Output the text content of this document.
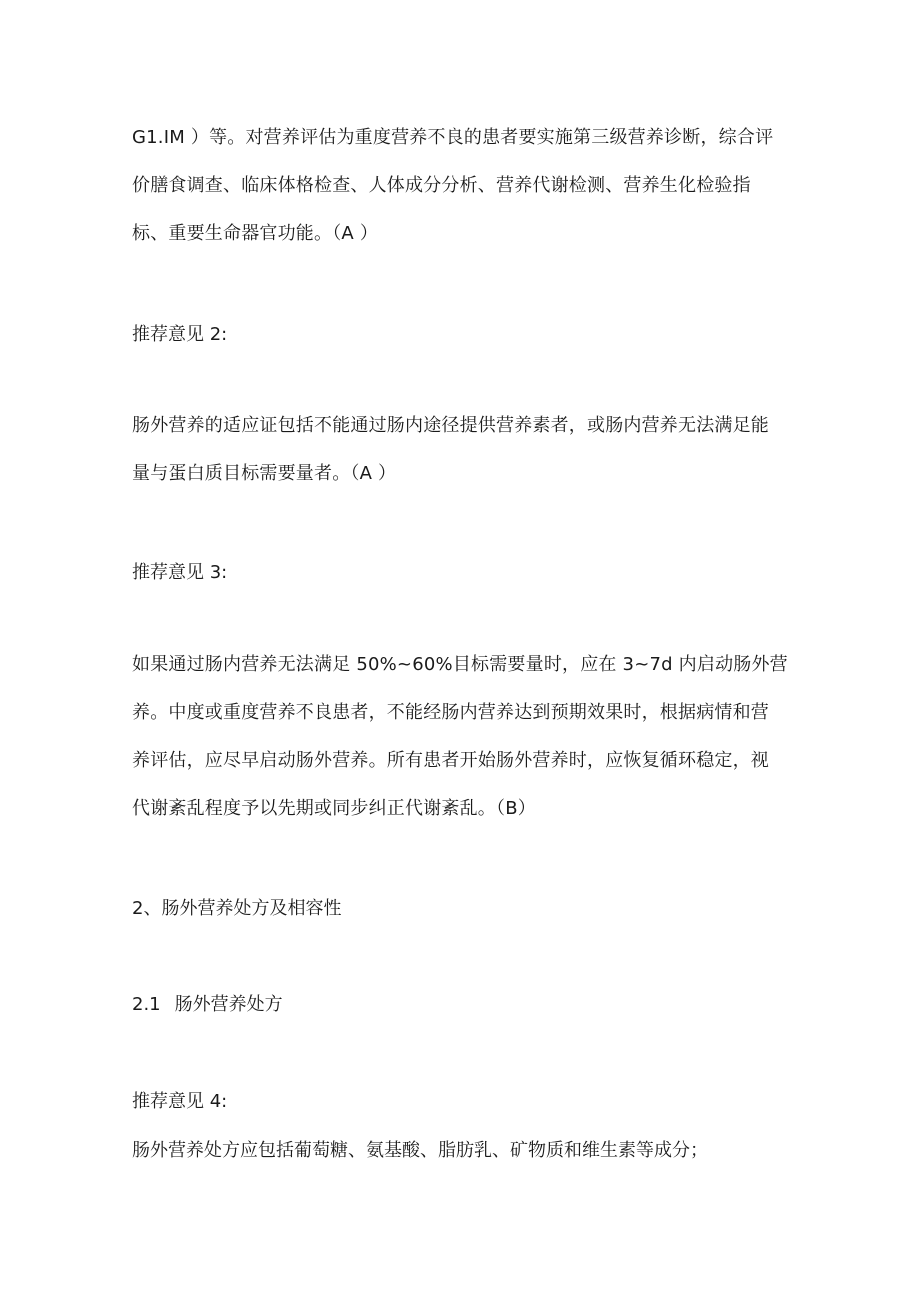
G1.IM ）等。对营养评估为重度营养不良的患者要实施第三级营养诊断，综合评
价膳食调查、临床体格检查、人体成分分析、营养代谢检测、营养生化检验指
标、重要生命器官功能。（A ）

推荐意见 2:

肠外营养的适应证包括不能通过肠内途径提供营养素者，或肠内营养无法满足能
量与蛋白质目标需要量者。（A ）

推荐意见 3:

如果通过肠内营养无法满足 50%~60%目标需要量时，应在 3~7d 内启动肠外营
养。中度或重度营养不良患者，不能经肠内营养达到预期效果时，根据病情和营
养评估，应尽早启动肠外营养。所有患者开始肠外营养时，应恢复循环稳定，视
代谢紊乱程度予以先期或同步纠正代谢紊乱。（B）

2、肠外营养处方及相容性

2.1 肠外营养处方

推荐意见 4:

肠外营养处方应包括葡萄糖、氨基酸、脂肪乳、矿物质和维生素等成分；
